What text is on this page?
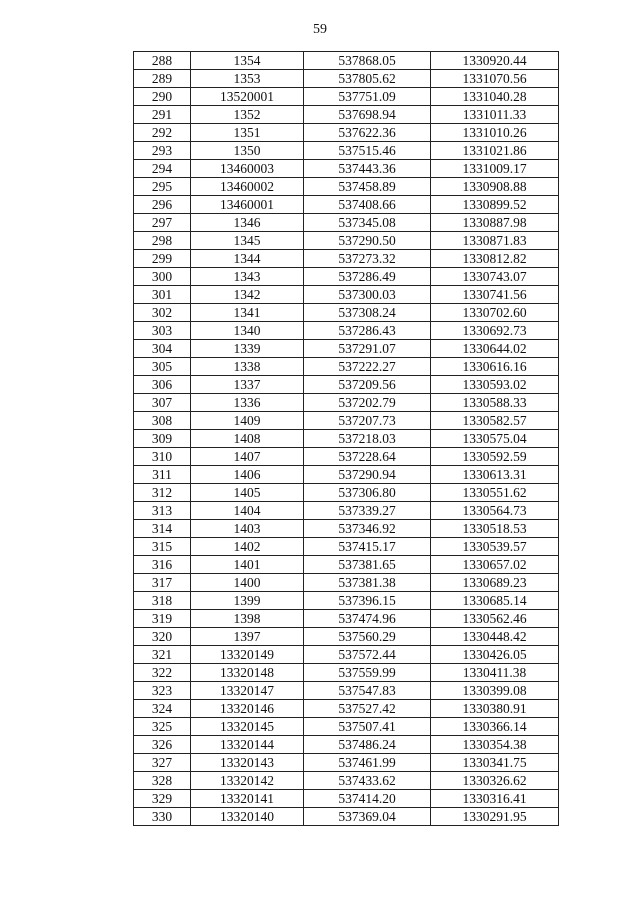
59
288	1354	537868.05	1330920.44
289	1353	537805.62	1331070.56
290	13520001	537751.09	1331040.28
291	1352	537698.94	1331011.33
292	1351	537622.36	1331010.26
293	1350	537515.46	1331021.86
294	13460003	537443.36	1331009.17
295	13460002	537458.89	1330908.88
296	13460001	537408.66	1330899.52
297	1346	537345.08	1330887.98
298	1345	537290.50	1330871.83
299	1344	537273.32	1330812.82
300	1343	537286.49	1330743.07
301	1342	537300.03	1330741.56
302	1341	537308.24	1330702.60
303	1340	537286.43	1330692.73
304	1339	537291.07	1330644.02
305	1338	537222.27	1330616.16
306	1337	537209.56	1330593.02
307	1336	537202.79	1330588.33
308	1409	537207.73	1330582.57
309	1408	537218.03	1330575.04
310	1407	537228.64	1330592.59
311	1406	537290.94	1330613.31
312	1405	537306.80	1330551.62
313	1404	537339.27	1330564.73
314	1403	537346.92	1330518.53
315	1402	537415.17	1330539.57
316	1401	537381.65	1330657.02
317	1400	537381.38	1330689.23
318	1399	537396.15	1330685.14
319	1398	537474.96	1330562.46
320	1397	537560.29	1330448.42
321	13320149	537572.44	1330426.05
322	13320148	537559.99	1330411.38
323	13320147	537547.83	1330399.08
324	13320146	537527.42	1330380.91
325	13320145	537507.41	1330366.14
326	13320144	537486.24	1330354.38
327	13320143	537461.99	1330341.75
328	13320142	537433.62	1330326.62
329	13320141	537414.20	1330316.41
330	13320140	537369.04	1330291.95
